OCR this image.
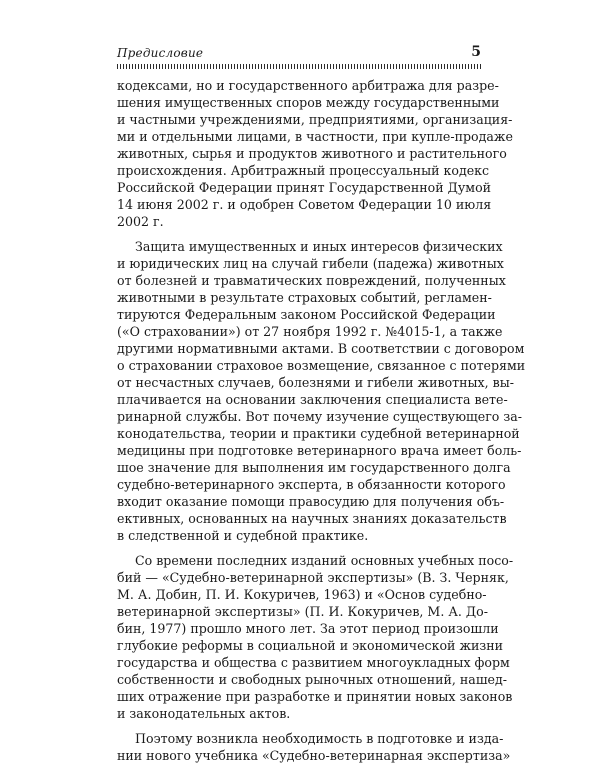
Предисловие	5
кодексами, но и государственного арбитража для разре-
шения имущественных споров между государственными
и частными учреждениями, предприятиями, организация-
ми и отдельными лицами, в частности, при купле-продаже
животных, сырья и продуктов животного и растительного
происхождения. Арбитражный процессуальный кодекс
Российской Федерации принят Государственной Думой
14 июня 2002 г. и одобрен Советом Федерации 10 июля
2002 г.
Защита имущественных и иных интересов физических
и юридических лиц на случай гибели (падежа) животных
от болезней и травматических повреждений, полученных
животными в результате страховых событий, регламен-
тируются Федеральным законом Российской Федерации
(«О страховании») от 27 ноября 1992 г. №4015-1, а также
другими нормативными актами. В соответствии с договором
о страховании страховое возмещение, связанное с потерями
от несчастных случаев, болезнями и гибели животных, вы-
плачивается на основании заключения специалиста вете-
ринарной службы. Вот почему изучение существующего за-
конодательства, теории и практики судебной ветеринарной
медицины при подготовке ветеринарного врача имеет боль-
шое значение для выполнения им государственного долга
судебно-ветеринарного эксперта, в обязанности которого
входит оказание помощи правосудию для получения объ-
ективных, основанных на научных знаниях доказательств
в следственной и судебной практике.
Со времени последних изданий основных учебных посо-
бий — «Судебно-ветеринарной экспертизы» (В. З. Черняк,
М. А. Добин, П. И. Кокуричев, 1963) и «Основ судебно-
ветеринарной экспертизы» (П. И. Кокуричев, М. А. До-
бин, 1977) прошло много лет. За этот период произошли
глубокие реформы в социальной и экономической жизни
государства и общества с развитием многоукладных форм
собственности и свободных рыночных отношений, нашед-
ших отражение при разработке и принятии новых законов
и законодательных актов.
Поэтому возникла необходимость в подготовке и изда-
нии нового учебника «Судебно-ветеринарная экспертиза»
